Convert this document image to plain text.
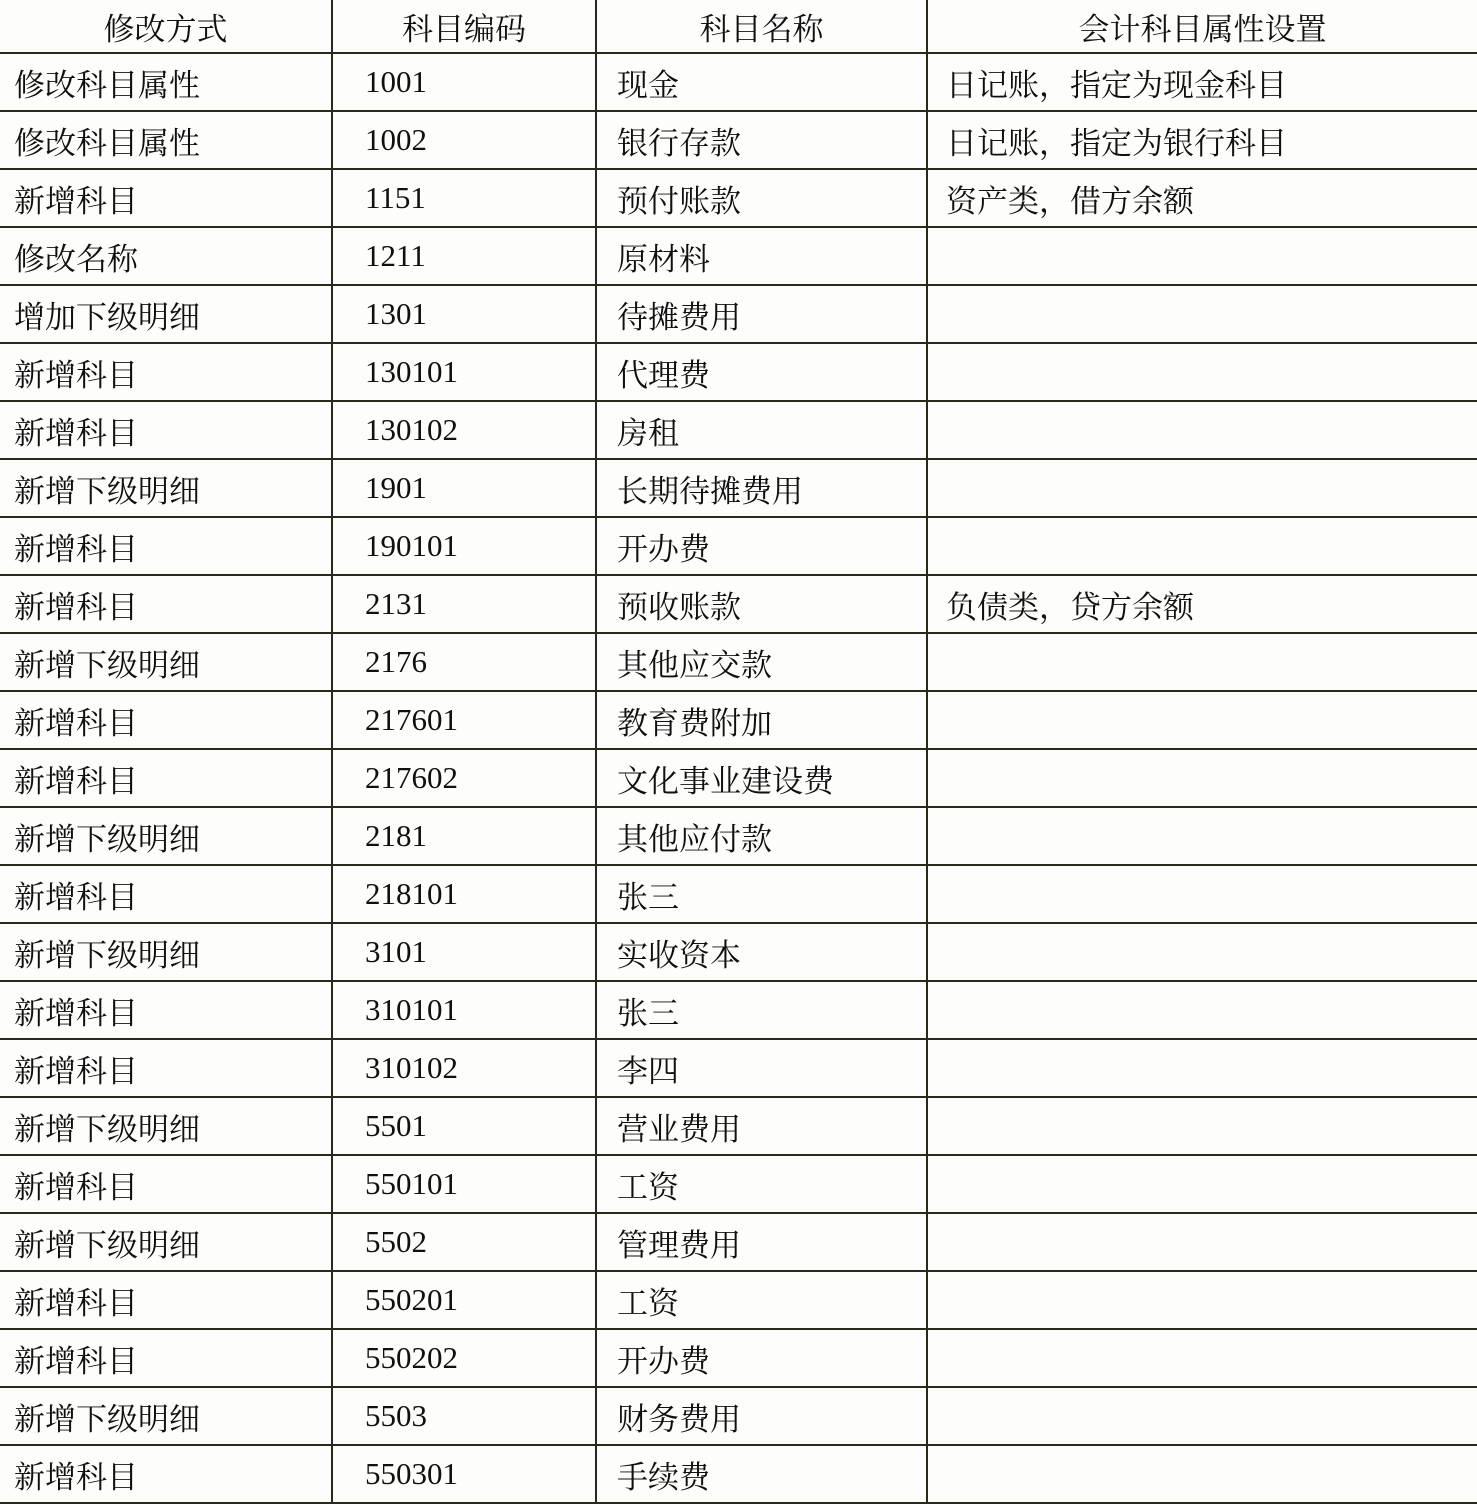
修改方式	科目编码	科目名称	会计科目属性设置
修改科目属性	1001	现金	日记账，指定为现金科目
修改科目属性	1002	银行存款	日记账，指定为银行科目
新增科目	1151	预付账款	资产类，借方余额
修改名称	1211	原材料	
增加下级明细	1301	待摊费用	
新增科目	130101	代理费	
新增科目	130102	房租	
新增下级明细	1901	长期待摊费用	
新增科目	190101	开办费	
新增科目	2131	预收账款	负债类，贷方余额
新增下级明细	2176	其他应交款	
新增科目	217601	教育费附加	
新增科目	217602	文化事业建设费	
新增下级明细	2181	其他应付款	
新增科目	218101	张三	
新增下级明细	3101	实收资本	
新增科目	310101	张三	
新增科目	310102	李四	
新增下级明细	5501	营业费用	
新增科目	550101	工资	
新增下级明细	5502	管理费用	
新增科目	550201	工资	
新增科目	550202	开办费	
新增下级明细	5503	财务费用	
新增科目	550301	手续费	
